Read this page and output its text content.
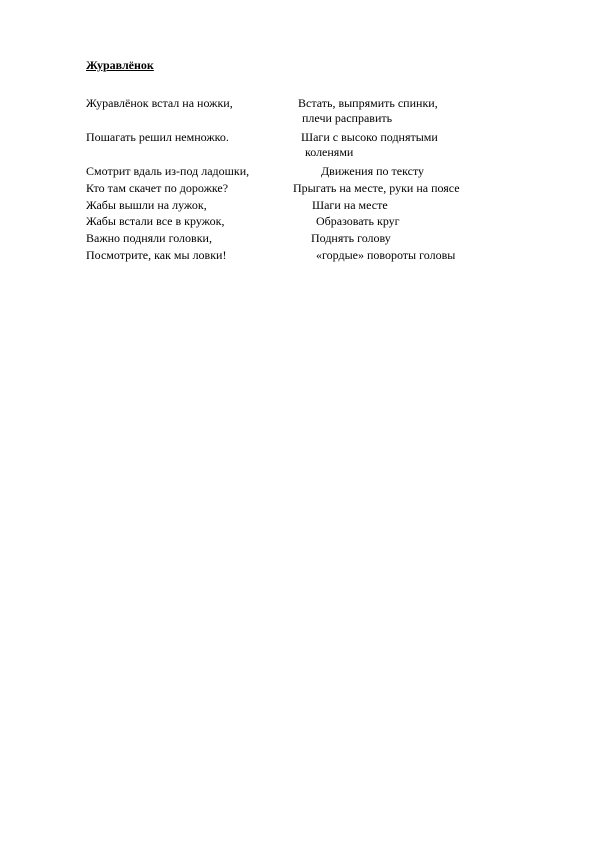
Журавлёнок
Журавлёнок встал на ножки,	Встать, выпрямить спинки,
плечи расправить
Пошагать решил немножко.	Шаги с высоко поднятыми
коленями
Смотрит вдаль из-под ладошки,	Движения по тексту
Кто там скачет по дорожке?	Прыгать на месте, руки на поясе
Жабы вышли на лужок,	Шаги на месте
Жабы встали все в кружок,	Образовать круг
Важно подняли головки,	Поднять голову
Посмотрите, как мы ловки!	«гордые» повороты головы
